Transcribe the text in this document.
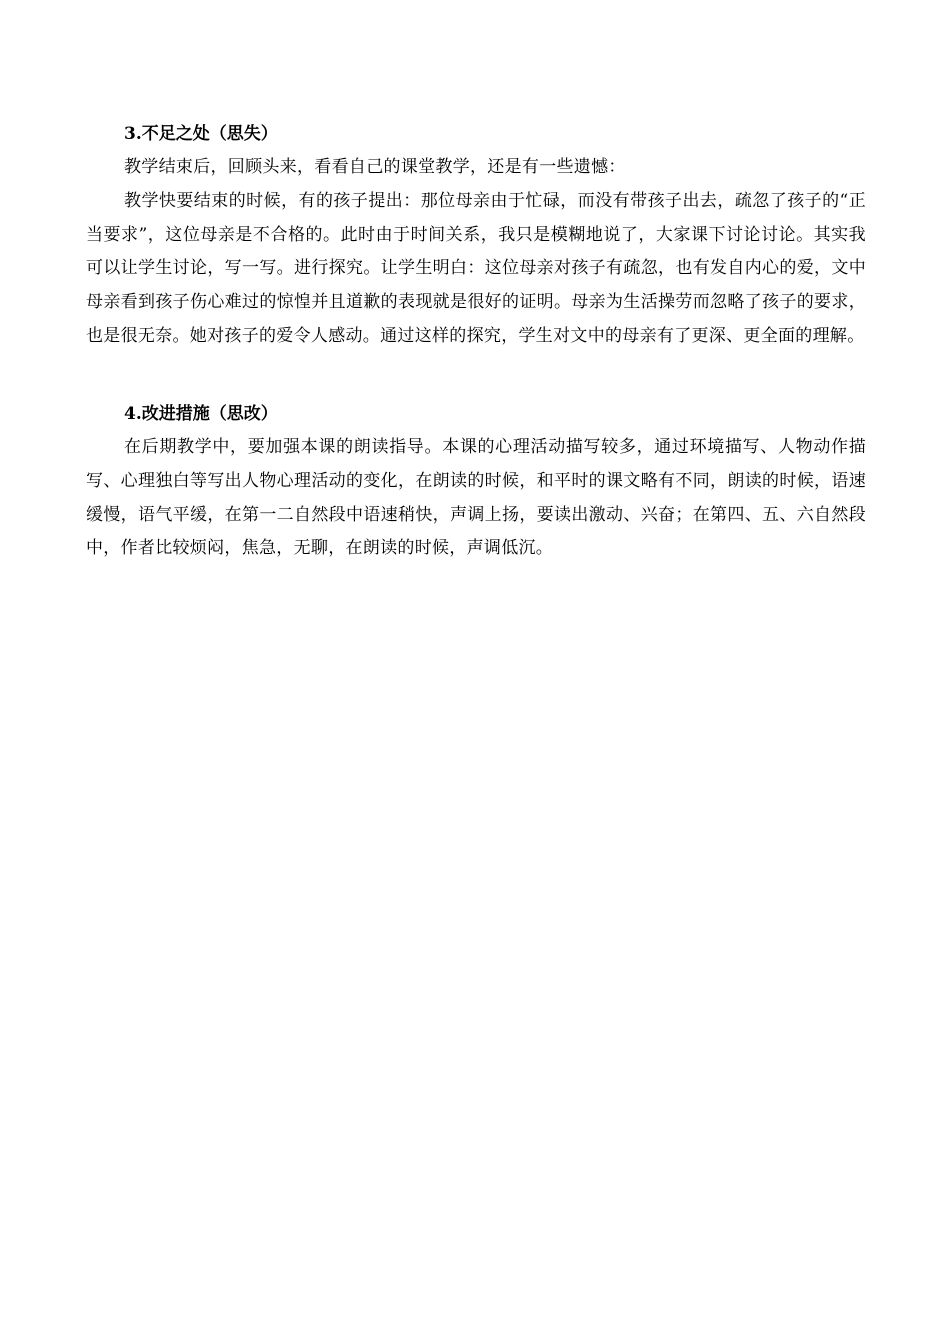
3.不足之处（思失）

教学结束后，回顾头来，看看自己的课堂教学，还是有一些遗憾：

教学快要结束的时候，有的孩子提出：那位母亲由于忙碌，而没有带孩子出去，疏忽了孩子的“正当要求”，这位母亲是不合格的。此时由于时间关系，我只是模糊地说了，大家课下讨论讨论。其实我可以让学生讨论，写一写。进行探究。让学生明白：这位母亲对孩子有疏忽，也有发自内心的爱，文中母亲看到孩子伤心难过的惊惶并且道歉的表现就是很好的证明。母亲为生活操劳而忽略了孩子的要求，也是很无奈。她对孩子的爱令人感动。通过这样的探究，学生对文中的母亲有了更深、更全面的理解。

4.改进措施（思改）

在后期教学中，要加强本课的朗读指导。本课的心理活动描写较多，通过环境描写、人物动作描写、心理独白等写出人物心理活动的变化，在朗读的时候，和平时的课文略有不同，朗读的时候，语速缓慢，语气平缓，在第一二自然段中语速稍快，声调上扬，要读出激动、兴奋；在第四、五、六自然段中，作者比较烦闷，焦急，无聊，在朗读的时候，声调低沉。
